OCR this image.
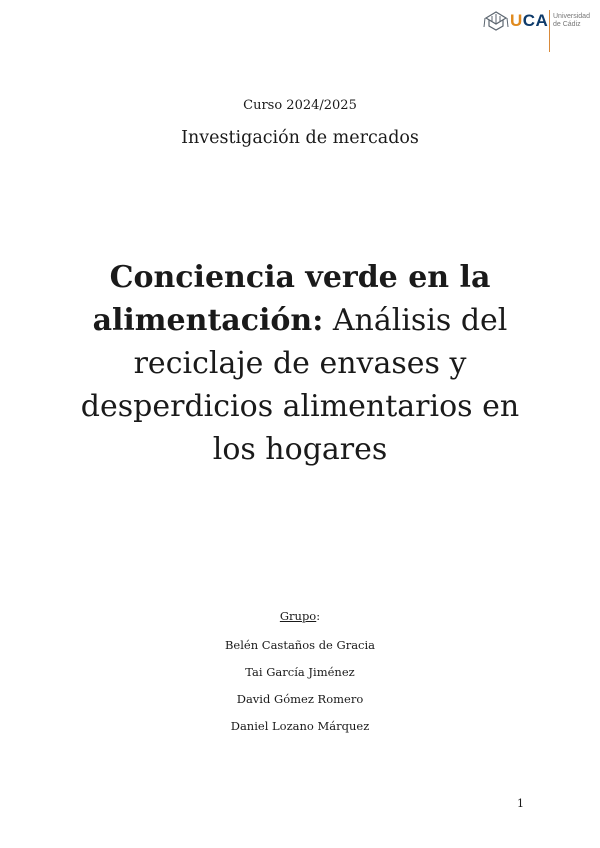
UCA Universidad
de Cádiz
Curso 2024/2025
Investigación de mercados
Conciencia verde en la alimentación: Análisis del reciclaje de envases y desperdicios alimentarios en los hogares
Grupo:
Belén Castaños de Gracia
Tai García Jiménez
David Gómez Romero
Daniel Lozano Márquez
1
